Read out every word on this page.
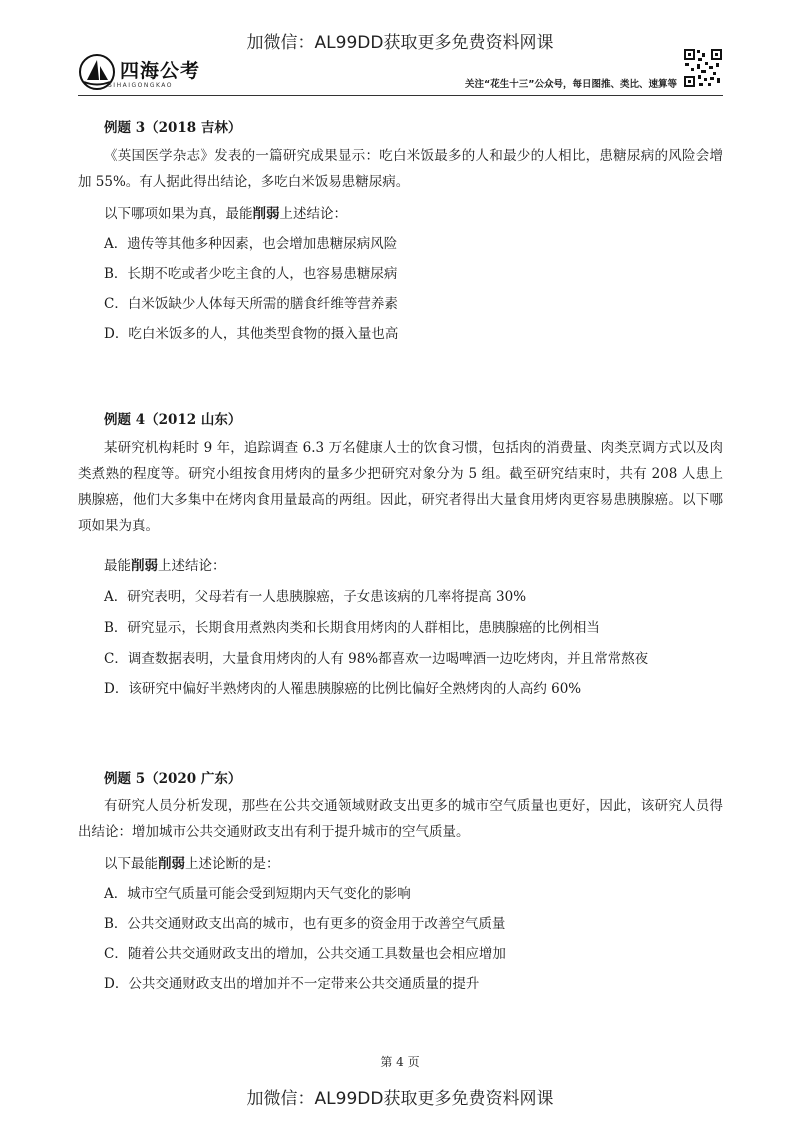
加微信：AL99DD获取更多免费资料网课
四海公考
SIHAIGONGKAO	关注“花生十三”公众号，每日图推、类比、速算等
例题 3（2018 吉林）
《英国医学杂志》发表的一篇研究成果显示：吃白米饭最多的人和最少的人相比，患糖尿病的风险会增加 55%。有人据此得出结论，多吃白米饭易患糖尿病。
以下哪项如果为真，最能削弱上述结论：
A．遗传等其他多种因素，也会增加患糖尿病风险
B．长期不吃或者少吃主食的人，也容易患糖尿病
C．白米饭缺少人体每天所需的膳食纤维等营养素
D．吃白米饭多的人，其他类型食物的摄入量也高
例题 4（2012 山东）
某研究机构耗时 9 年，追踪调查 6.3 万名健康人士的饮食习惯，包括肉的消费量、肉类烹调方式以及肉类煮熟的程度等。研究小组按食用烤肉的量多少把研究对象分为 5 组。截至研究结束时，共有 208 人患上胰腺癌，他们大多集中在烤肉食用量最高的两组。因此，研究者得出大量食用烤肉更容易患胰腺癌。以下哪项如果为真。
最能削弱上述结论：
A．研究表明，父母若有一人患胰腺癌，子女患该病的几率将提高 30%
B．研究显示，长期食用煮熟肉类和长期食用烤肉的人群相比，患胰腺癌的比例相当
C．调查数据表明，大量食用烤肉的人有 98%都喜欢一边喝啤酒一边吃烤肉，并且常常熬夜
D．该研究中偏好半熟烤肉的人罹患胰腺癌的比例比偏好全熟烤肉的人高约 60%
例题 5（2020 广东）
有研究人员分析发现，那些在公共交通领域财政支出更多的城市空气质量也更好，因此，该研究人员得出结论：增加城市公共交通财政支出有利于提升城市的空气质量。
以下最能削弱上述论断的是：
A．城市空气质量可能会受到短期内天气变化的影响
B．公共交通财政支出高的城市，也有更多的资金用于改善空气质量
C．随着公共交通财政支出的增加，公共交通工具数量也会相应增加
D．公共交通财政支出的增加并不一定带来公共交通质量的提升
第 4 页
加微信：AL99DD获取更多免费资料网课
